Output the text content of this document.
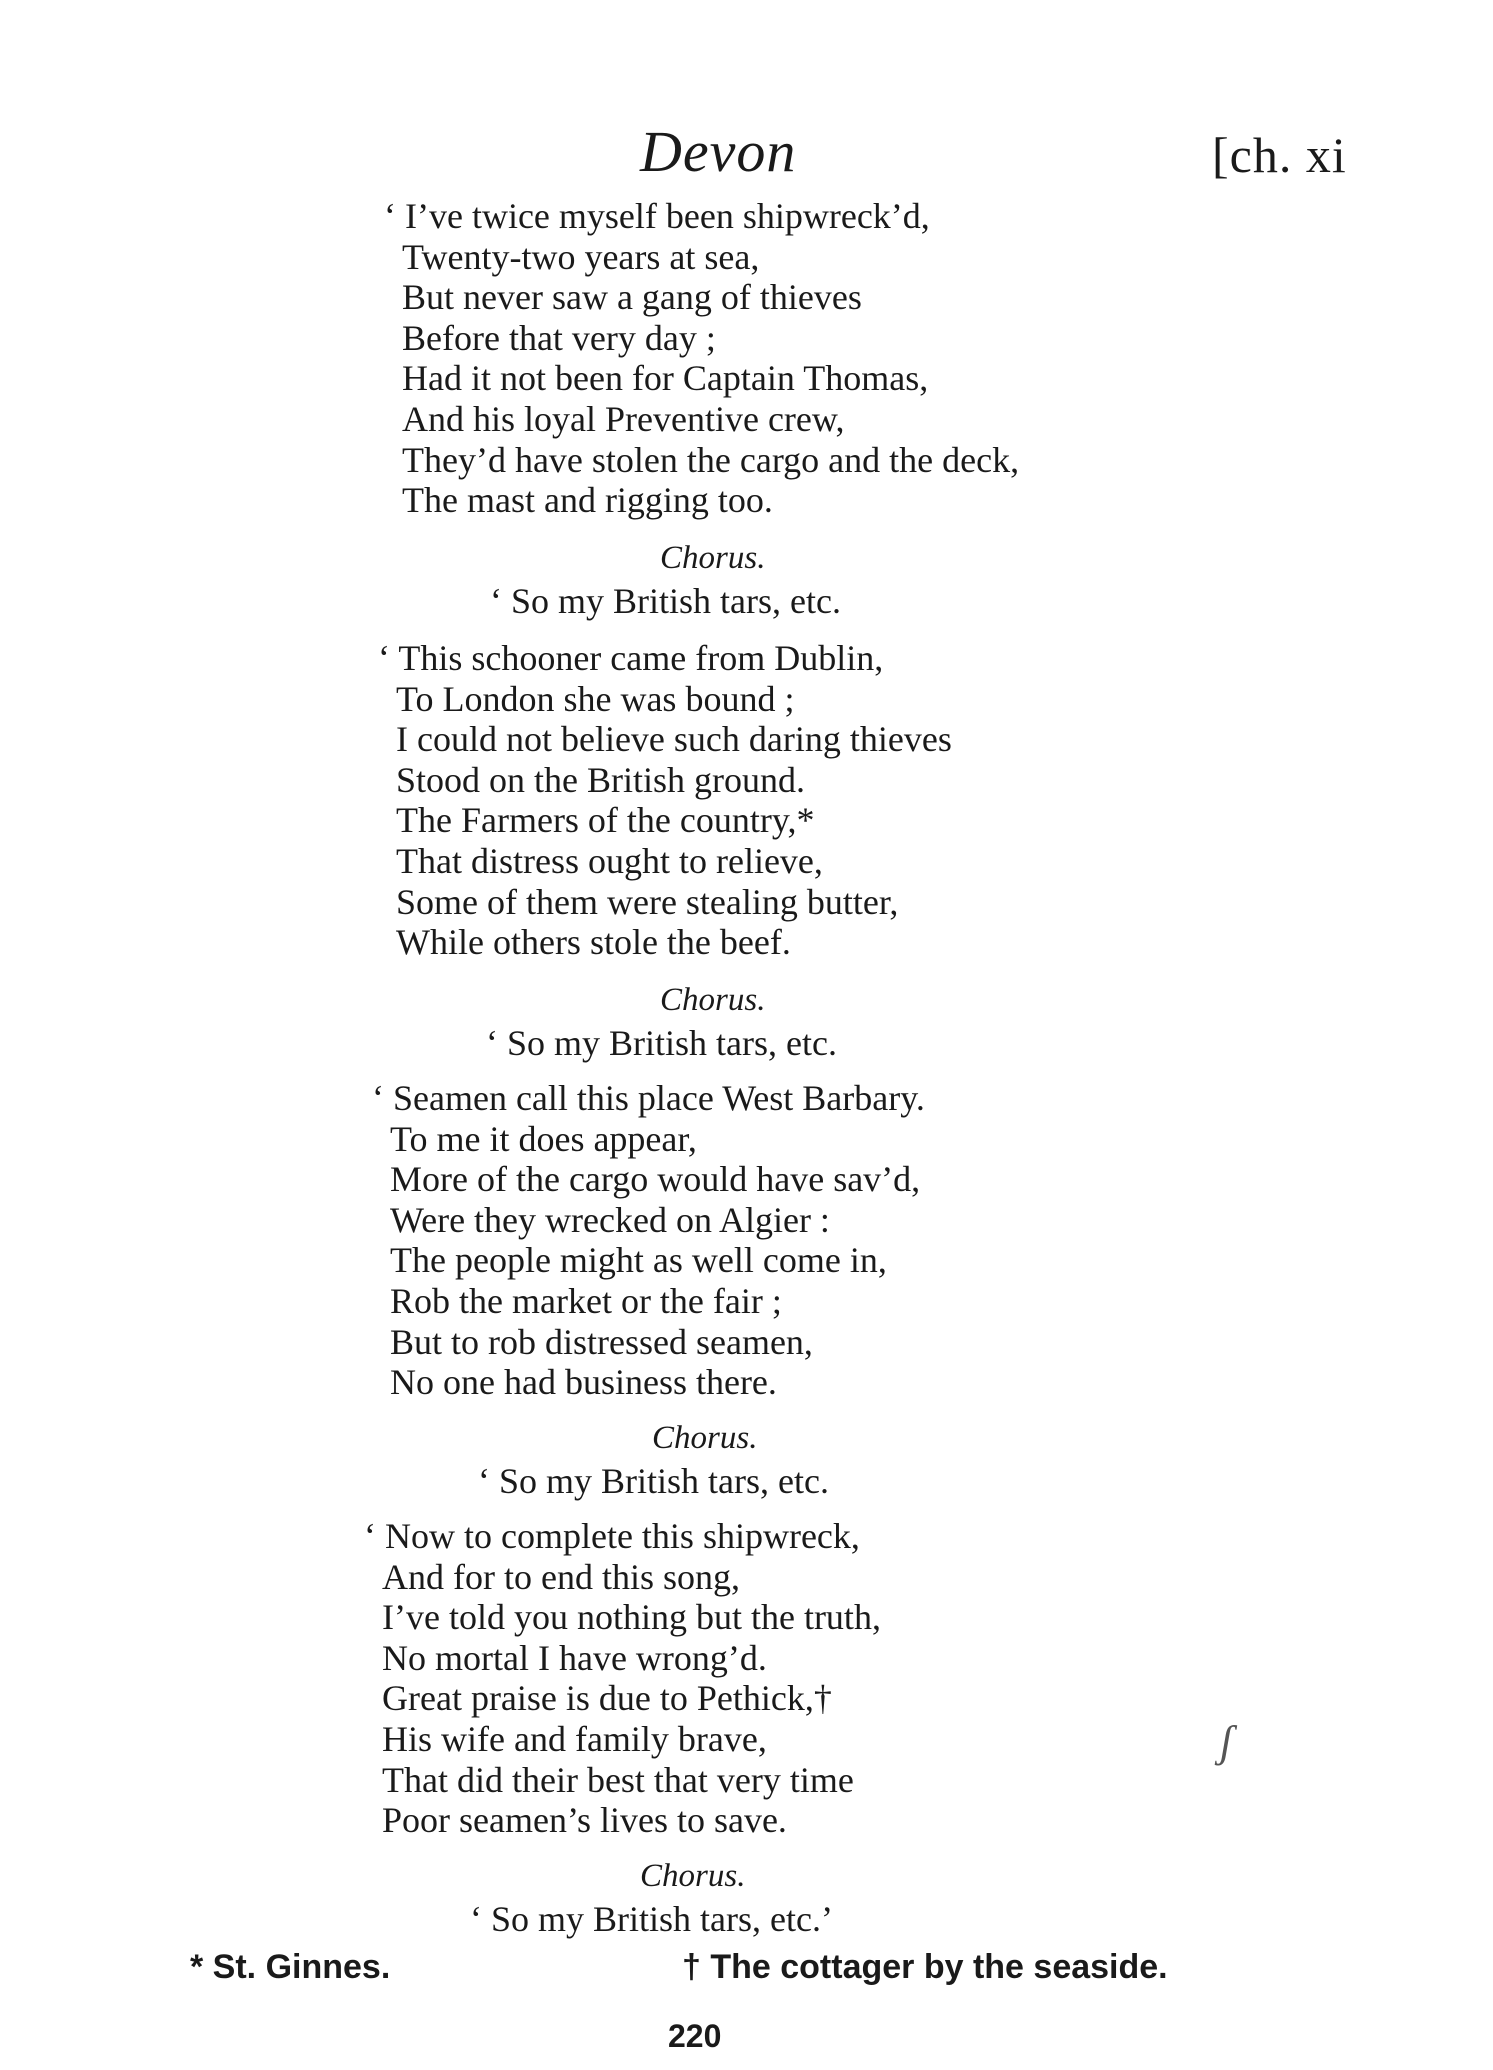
Devon	[ch. xi
‘ I’ve twice myself been shipwreck’d,
Twenty-two years at sea,
But never saw a gang of thieves
Before that very day ;
Had it not been for Captain Thomas,
And his loyal Preventive crew,
They’d have stolen the cargo and the deck,
The mast and rigging too.
Chorus.
‘ So my British tars, etc.
‘ This schooner came from Dublin,
To London she was bound ;
I could not believe such daring thieves
Stood on the British ground.
The Farmers of the country,*
That distress ought to relieve,
Some of them were stealing butter,
While others stole the beef.
Chorus.
‘ So my British tars, etc.
‘ Seamen call this place West Barbary.
To me it does appear,
More of the cargo would have sav’d,
Were they wrecked on Algier :
The people might as well come in,
Rob the market or the fair ;
But to rob distressed seamen,
No one had business there.
Chorus.
‘ So my British tars, etc.
‘ Now to complete this shipwreck,
And for to end this song,
I’ve told you nothing but the truth,
No mortal I have wrong’d.
Great praise is due to Pethick,†
His wife and family brave,
That did their best that very time
Poor seamen’s lives to save.
Chorus.
‘ So my British tars, etc.’
* St. Ginnes.	† The cottager by the seaside.
220
ʃ
